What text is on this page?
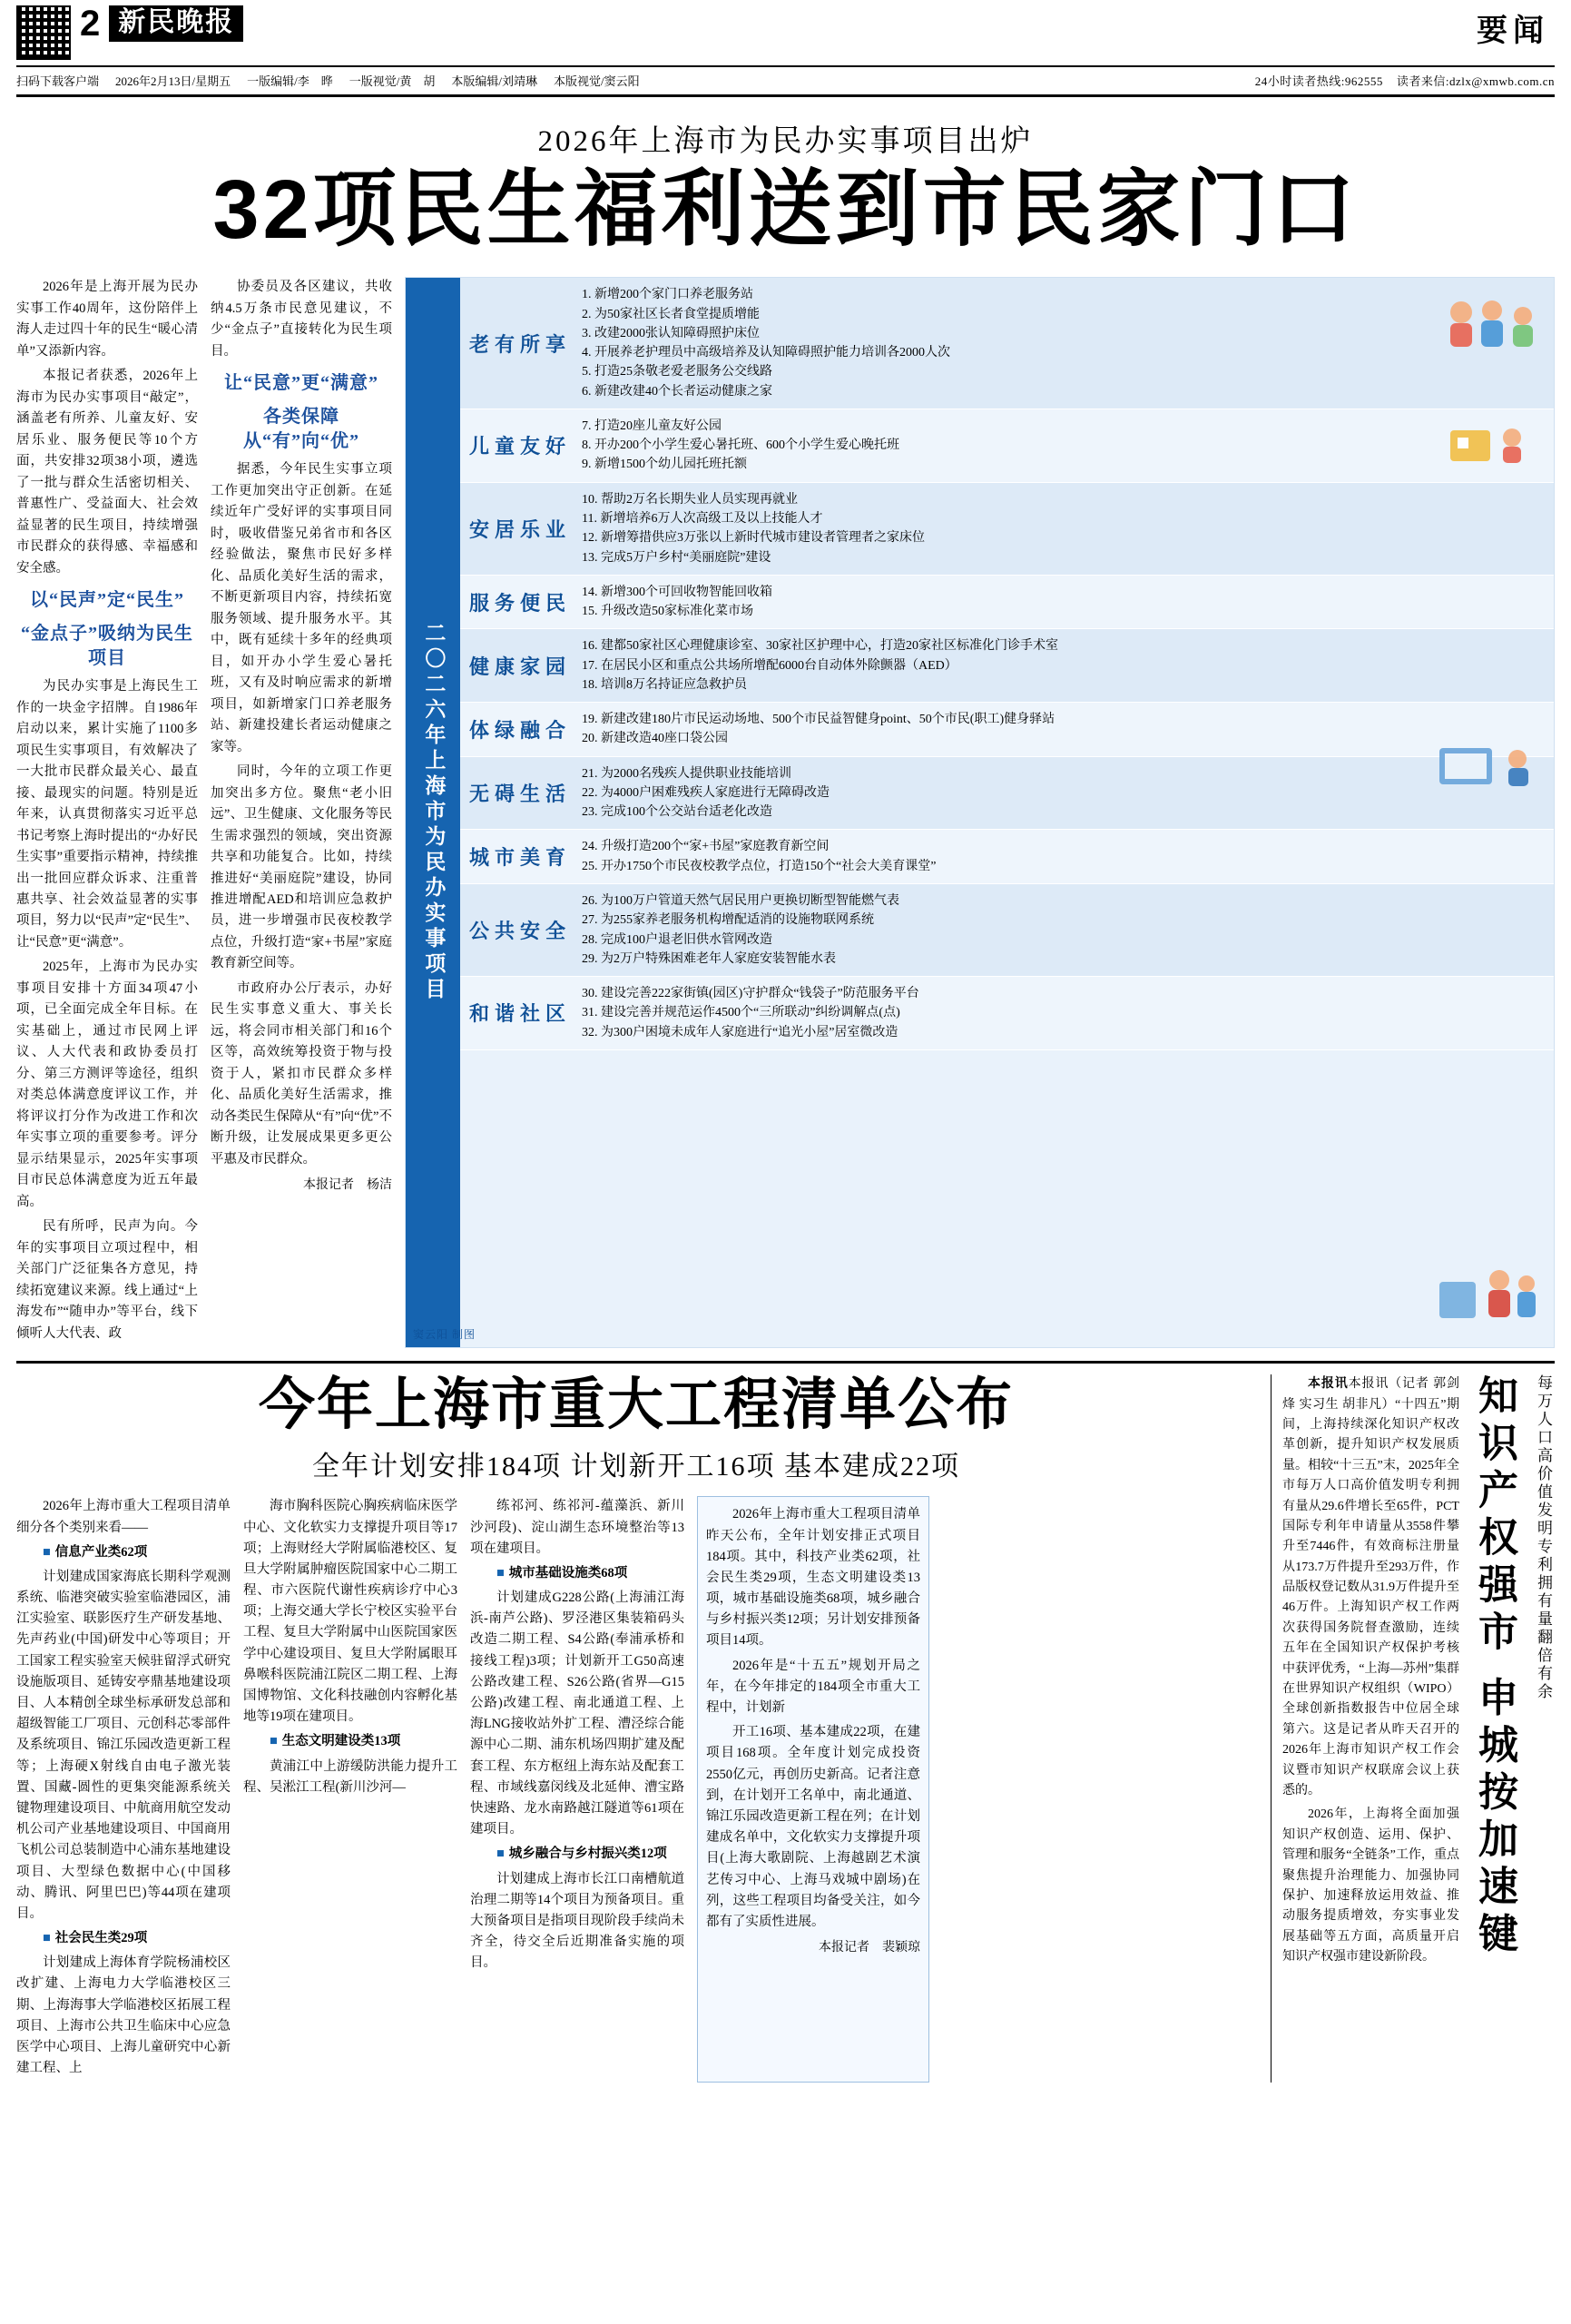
2 新民晚报	要闻
扫码下载客户端 2026年2月13日/星期五 一版编辑/李　晔 一版视觉/黄　胡 本版编辑/刘靖琳 本版视觉/窦云阳	24小时读者热线:962555 读者来信:dzlx@xmwb.com.cn
2026年上海市为民办实事项目出炉
32项民生福利送到市民家门口

2026年是上海开展为民办实事工作40周年，这份陪伴上海人走过四十年的民生“暖心清单”又添新内容。

本报记者获悉，2026年上海市为民办实事项目“敲定”，涵盖老有所养、儿童友好、安居乐业、服务便民等10个方面，共安排32项38小项，遴选了一批与群众生活密切相关、普惠性广、受益面大、社会效益显著的民生项目，持续增强市民群众的获得感、幸福感和安全感。

以“民声”定“民生”
“金点子”吸纳为民生项目

为民办实事是上海民生工作的一块金字招牌。自1986年启动以来，累计实施了1100多项民生实事项目，有效解决了一大批市民群众最关心、最直接、最现实的问题。特别是近年来，认真贯彻落实习近平总书记考察上海时提出的“办好民生实事”重要指示精神，持续推出一批回应群众诉求、注重普惠共享、社会效益显著的实事项目，努力以“民声”定“民生”、让“民意”更“满意”。

2025年，上海市为民办实事项目安排十方面34项47小项，已全面完成全年目标。在实基础上，通过市民网上评议、人大代表和政协委员打分、第三方测评等途径，组织对类总体满意度评议工作，并将评议打分作为改进工作和次年实事立项的重要参考。评分显示结果显示，2025年实事项目市民总体满意度为近五年最高。

民有所呼，民声为向。今年的实事项目立项过程中，相关部门广泛征集各方意见，持续拓宽建议来源。线上通过“上海发布”“随申办”等平台，线下倾听人大代表、政

协委员及各区建议，共收纳4.5万条市民意见建议，不少“金点子”直接转化为民生项目。

让“民意”更“满意”
各类保障从“有”向“优”

据悉，今年民生实事立项工作更加突出守正创新。在延续近年广受好评的实事项目同时，吸收借鉴兄弟省市和各区经验做法，聚焦市民好多样化、品质化美好生活的需求，不断更新项目内容，持续拓宽服务领域、提升服务水平。其中，既有延续十多年的经典项目，如开办小学生爱心暑托班，又有及时响应需求的新增项目，如新增家门口养老服务站、新建投建长者运动健康之家等。

同时，今年的立项工作更加突出多方位。聚焦“老小旧远”、卫生健康、文化服务等民生需求强烈的领域，突出资源共享和功能复合。比如，持续推进好“美丽庭院”建设，协同推进增配AED和培训应急救护员，进一步增强市民夜校教学点位，升级打造“家+书屋”家庭教育新空间等。

市政府办公厅表示，办好民生实事意义重大、事关长远，将会同市相关部门和16个区等，高效统筹投资于物与投资于人，紧扣市民群众多样化、品质化美好生活需求，推动各类民生保障从“有”向“优”不断升级，让发展成果更多更公平惠及市民群众。

本报记者　杨洁
二〇二六年上海市为民办实事项目
老有所享
1. 新增200个家门口养老服务站
2. 为50家社区长者食堂提质增能
3. 改建2000张认知障碍照护床位
4. 开展养老护理员中高级培养及认知障碍照护能力培训各2000人次
5. 打造25条敬老爱老服务公交线路
6. 新建改建40个长者运动健康之家
儿童友好
7. 打造20座儿童友好公园
8. 开办200个小学生爱心暑托班、600个小学生爱心晚托班
9. 新增1500个幼儿园托班托额
安居乐业
10. 帮助2万名长期失业人员实现再就业
11. 新增培养6万人次高级工及以上技能人才
12. 新增筹措供应3万张以上新时代城市建设者管理者之家床位
13. 完成5万户乡村“美丽庭院”建设
服务便民 14. 新增300个可回收物智能回收箱
15. 升级改造50家标准化菜市场
健康家园
16. 建都50家社区心理健康诊室、30家社区护理中心，打造20家社区标准化门诊手术室
17. 在居民小区和重点公共场所增配6000台自动体外除颤器（AED）
18. 培训8万名持证应急救护员
体绿融合 19. 新建改建180片市民运动场地、500个市民益智健身point、50个市民(职工)健身驿站
20. 新建改造40座口袋公园
无碍生活
21. 为2000名残疾人提供职业技能培训
22. 为4000户困难残疾人家庭进行无障碍改造
23. 完成100个公交站台适老化改造
城市美育 24. 升级打造200个“家+书屋”家庭教育新空间
25. 开办1750个市民夜校教学点位，打造150个“社会大美育课堂”
公共安全
26. 为100万户管道天然气居民用户更换切断型智能燃气表
27. 为255家养老服务机构增配适消的设施物联网系统
28. 完成100户退老旧供水管网改造
29. 为2万户特殊困难老年人家庭安装智能水表
和谐社区
30. 建设完善222家街镇(园区)守护群众“钱袋子”防范服务平台
31. 建设完善并规范运作4500个“三所联动”纠纷调解点(点)
32. 为300户困境未成年人家庭进行“追光小屋”居室微改造
窦云阳 制图
今年上海市重大工程清单公布
全年计划安排184项 计划新开工16项 基本建成22项

2026年上海市重大工程项目清单细分各个类别来看——

■ 信息产业类62项

计划建成国家海底长期科学观测系统、临港突破实验室临港园区，浦江实验室、联影医疗生产研发基地、先声药业(中国)研发中心等项目；开工国家工程实验室天候驻留浮式研究设施版项目、延铸安亭鼎基地建设项目、人本精创全球坐标承研发总部和超级智能工厂项目、元创科芯零部件及系统项目、锦江乐园改造更新工程等；上海硬X射线自由电子激光装置、国藏-圆性的更集突能源系统关键物理建设项目、中航商用航空发动机公司产业基地建设项目、中国商用飞机公司总装制造中心浦东基地建设项目、大型绿色数据中心(中国移动、腾讯、阿里巴巴)等44项在建项目。

■ 社会民生类29项

计划建成上海体育学院杨浦校区改扩建、上海电力大学临港校区三期、上海海事大学临港校区拓展工程项目、上海市公共卫生临床中心应急医学中心项目、上海儿童研究中心新建工程、上

海市胸科医院心胸疾病临床医学中心、文化软实力支撑提升项目等17项；上海财经大学附属临港校区、复旦大学附属肿瘤医院国家中心二期工程、市六医院代谢性疾病诊疗中心3项；上海交通大学长宁校区实验平台工程、复旦大学附属中山医院国家医学中心建设项目、复旦大学附属眼耳鼻喉科医院浦江院区二期工程、上海国博物馆、文化科技融创内容孵化基地等19项在建项目。

■ 生态文明建设类13项

黄浦江中上游缓防洪能力提升工程、吴淞江工程(新川沙河—

练祁河、练祁河-蕴藻浜、新川沙河段)、淀山湖生态环境整治等13项在建项目。

■ 城市基础设施类68项

计划建成G228公路(上海浦江海浜-南芦公路)、罗泾港区集装箱码头改造二期工程、S4公路(奉浦承桥和接线工程)3项；计划新开工G50高速公路改建工程、S26公路(省界—G15公路)改建工程、南北通道工程、上海LNG接收站外扩工程、漕泾综合能源中心二期、浦东机场四期扩建及配套工程、东方枢纽上海东站及配套工程、市域线嘉闵线及北延伸、漕宝路快速路、龙水南路越江隧道等61项在建项目。

■ 城乡融合与乡村振兴类12项

计划建成上海市长江口南槽航道治理二期等14个项目为预备项目。重大预备项目是指项目现阶段手续尚未齐全，待交全后近期准备实施的项目。

2026年上海市重大工程项目清单昨天公布，全年计划安排正式项目184项。其中，科技产业类62项，社会民生类29项，生态文明建设类13项，城市基础设施类68项，城乡融合与乡村振兴类12项；另计划安排预备项目14项。

2026年是“十五五”规划开局之年，在今年排定的184项全市重大工程中，计划新

开工16项、基本建成22项，在建项目168项。全年度计划完成投资2550亿元，再创历史新高。记者注意到，在计划开工名单中，南北通道、锦江乐园改造更新工程在列；在计划建成名单中，文化软实力支撑提升项目(上海大歌剧院、上海越剧艺术演艺传习中心、上海马戏城中剧场)在列，这些工程项目均备受关注，如今都有了实质性进展。

本报记者　裴颖琼

本报讯本报讯（记者 郭剑烽 实习生 胡非凡）“十四五”期间，上海持续深化知识产权改革创新，提升知识产权发展质量。相较“十三五”末，2025年全市每万人口高价值发明专利拥有量从29.6件增长至65件，PCT国际专利年申请量从3558件攀升至7446件，有效商标注册量从173.7万件提升至293万件，作品版权登记数从31.9万件提升至46万件。上海知识产权工作两次获得国务院督查激励，连续五年在全国知识产权保护考核中获评优秀，“上海—苏州”集群在世界知识产权组织（WIPO）全球创新指数报告中位居全球第六。这是记者从昨天召开的2026年上海市知识产权工作会议暨市知识产权联席会议上获悉的。

2026年，上海将全面加强知识产权创造、运用、保护、管理和服务“全链条”工作，重点聚焦提升治理能力、加强协同保护、加速释放运用效益、推动服务提质增效，夯实事业发展基础等五方面，高质量开启知识产权强市建设新阶段。 知识产权强市 申城按加速键	每万人口高价值发明专利拥有量翻倍有余
